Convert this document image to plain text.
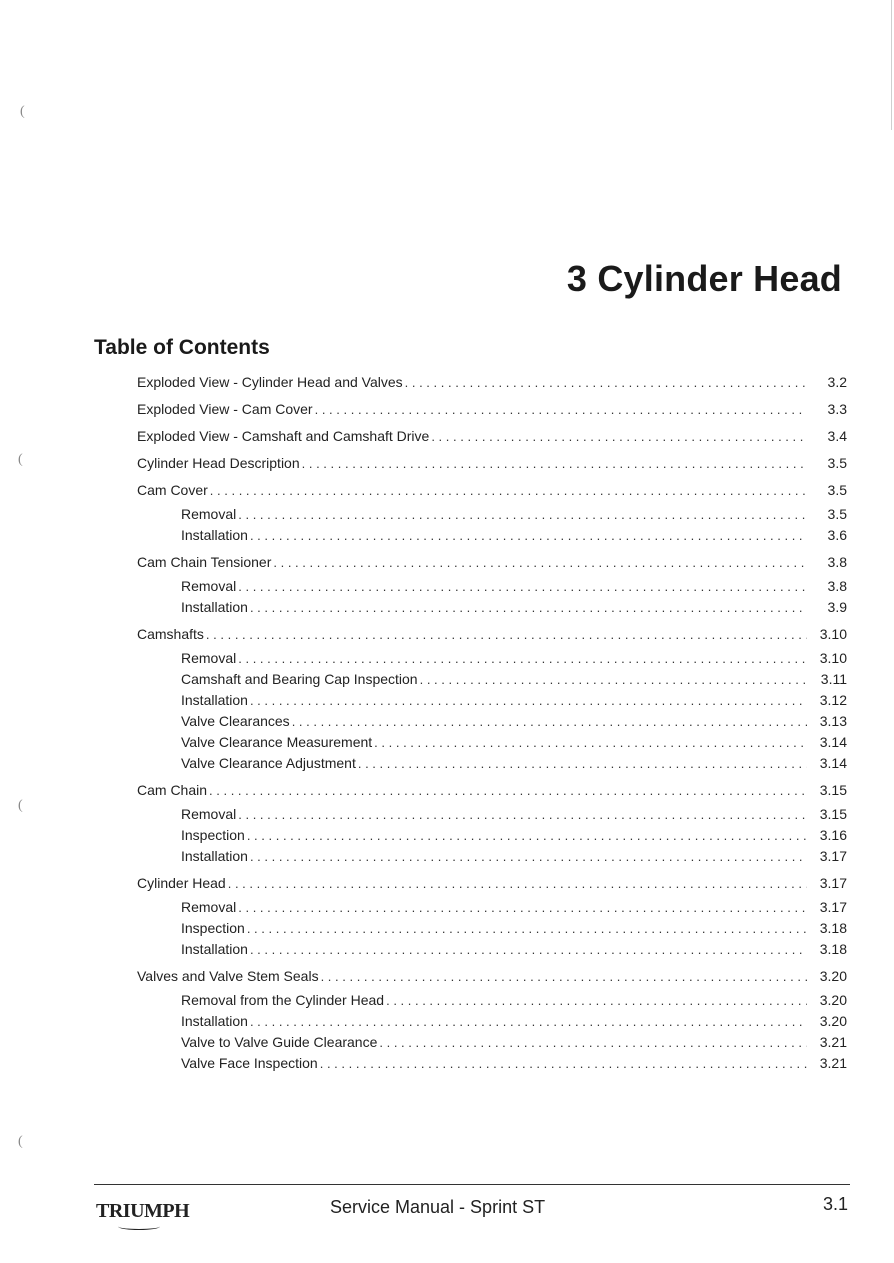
(
(
(
(
3 Cylinder Head
Table of Contents
Exploded View - Cylinder Head and Valves . . .	3.2
Exploded View - Cam Cover . . .	3.3
Exploded View - Camshaft and Camshaft Drive . . .	3.4
Cylinder Head Description . . .	3.5
Cam Cover . . .	3.5
Removal . . .	3.5
Installation . . .	3.6
Cam Chain Tensioner . . .	3.8
Removal . . .	3.8
Installation . . .	3.9
Camshafts . . .	3.10
Removal . . .	3.10
Camshaft and Bearing Cap Inspection . . .	3.11
Installation . . .	3.12
Valve Clearances . . .	3.13
Valve Clearance Measurement . . .	3.14
Valve Clearance Adjustment . . .	3.14
Cam Chain . . .	3.15
Removal . . .	3.15
Inspection . . .	3.16
Installation . . .	3.17
Cylinder Head . . .	3.17
Removal . . .	3.17
Inspection . . .	3.18
Installation . . .	3.18
Valves and Valve Stem Seals . . .	3.20
Removal from the Cylinder Head . . .	3.20
Installation . . .	3.20
Valve to Valve Guide Clearance . . .	3.21
Valve Face Inspection . . .	3.21
TRIUMPH	Service Manual - Sprint ST	3.1
